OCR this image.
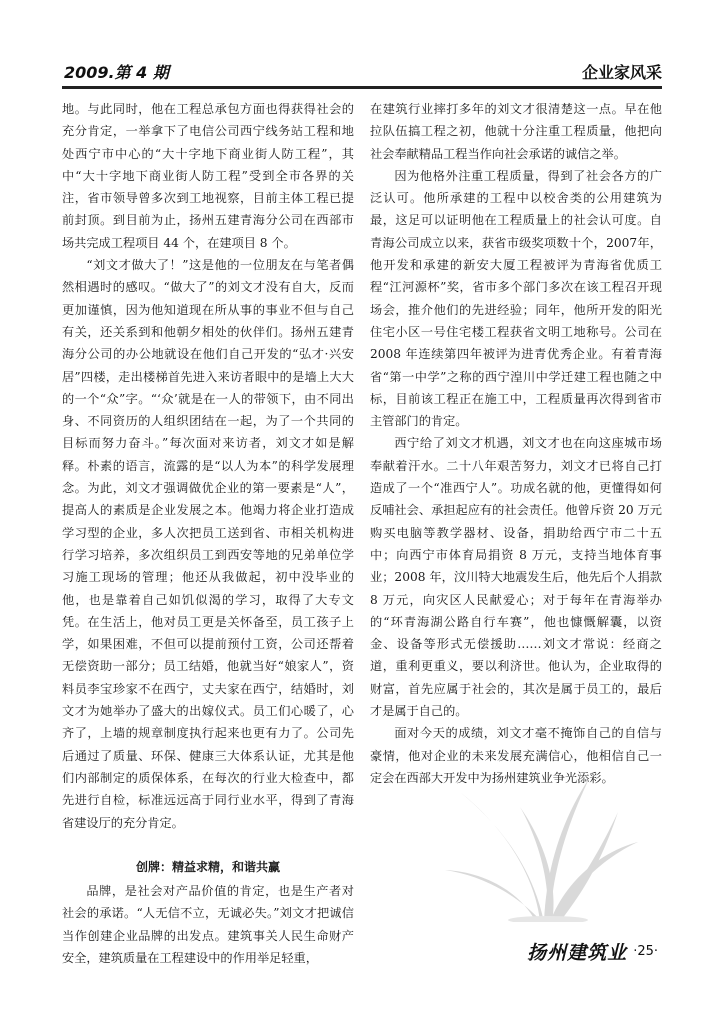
2009.第 4 期	企业家风采

地。与此同时，他在工程总承包方面也得获得社会的充分肯定，一举拿下了电信公司西宁线务站工程和地处西宁市中心的“大十字地下商业街人防工程”，其中“大十字地下商业街人防工程”受到全市各界的关注，省市领导曾多次到工地视察，目前主体工程已提前封顶。到目前为止，扬州五建青海分公司在西部市场共完成工程项目 44 个，在建项目 8 个。

“刘文才做大了！”这是他的一位朋友在与笔者偶然相遇时的感叹。“做大了”的刘文才没有自大，反而更加谨慎，因为他知道现在所从事的事业不但与自己有关，还关系到和他朝夕相处的伙伴们。扬州五建青海分公司的办公地就设在他们自己开发的“弘才·兴安居”四楼，走出楼梯首先进入来访者眼中的是墙上大大的一个“众”字。“‘众’就是在一人的带领下，由不同出身、不同资历的人组织团结在一起，为了一个共同的目标而努力奋斗。”每次面对来访者，刘文才如是解释。朴素的语言，流露的是“以人为本”的科学发展理念。为此，刘文才强调做优企业的第一要素是“人”，提高人的素质是企业发展之本。他竭力将企业打造成学习型的企业，多人次把员工送到省、市相关机构进行学习培养，多次组织员工到西安等地的兄弟单位学习施工现场的管理；他还从我做起，初中没毕业的他，也是靠着自己如饥似渴的学习，取得了大专文凭。在生活上，他对员工更是关怀备至，员工孩子上学，如果困难，不但可以提前预付工资，公司还帮着无偿资助一部分；员工结婚，他就当好“娘家人”，资料员李宝珍家不在西宁，丈夫家在西宁，结婚时，刘文才为她举办了盛大的出嫁仪式。员工们心暖了，心齐了，上墙的规章制度执行起来也更有力了。公司先后通过了质量、环保、健康三大体系认证，尤其是他们内部制定的质保体系，在每次的行业大检查中，都先进行自检，标准远远高于同行业水平，得到了青海省建设厅的充分肯定。

创牌：精益求精，和谐共赢

品牌，是社会对产品价值的肯定，也是生产者对社会的承诺。“人无信不立，无诚必失。”刘文才把诚信当作创建企业品牌的出发点。建筑事关人民生命财产安全，建筑质量在工程建设中的作用举足轻重，

在建筑行业摔打多年的刘文才很清楚这一点。早在他拉队伍搞工程之初，他就十分注重工程质量，他把向社会奉献精品工程当作向社会承诺的诚信之举。

因为他格外注重工程质量，得到了社会各方的广泛认可。他所承建的工程中以校舍类的公用建筑为最，这足可以证明他在工程质量上的社会认可度。自青海公司成立以来，获省市级奖项数十个，2007年，他开发和承建的新安大厦工程被评为青海省优质工程“江河源杯”奖，省市多个部门多次在该工程召开现场会，推介他们的先进经验；同年，他所开发的阳光住宅小区一号住宅楼工程获省文明工地称号。公司在 2008 年连续第四年被评为进青优秀企业。有着青海省“第一中学”之称的西宁湟川中学迁建工程也随之中标，目前该工程正在施工中，工程质量再次得到省市主管部门的肯定。

西宁给了刘文才机遇，刘文才也在向这座城市场奉献着汗水。二十八年艰苦努力，刘文才已将自己打造成了一个“准西宁人”。功成名就的他，更懂得如何反哺社会、承担起应有的社会责任。他曾斥资 20 万元购买电脑等教学器材、设备，捐助给西宁市二十五中；向西宁市体育局捐资 8 万元，支持当地体育事业；2008 年，汶川特大地震发生后，他先后个人捐款 8 万元，向灾区人民献爱心；对于每年在青海举办的“环青海湖公路自行车赛”，他也慷慨解囊，以资金、设备等形式无偿援助……刘文才常说：经商之道，重利更重义，要以利济世。他认为，企业取得的财富，首先应属于社会的，其次是属于员工的，最后才是属于自己的。

面对今天的成绩，刘文才毫不掩饰自己的自信与豪情，他对企业的未来发展充满信心，他相信自己一定会在西部大开发中为扬州建筑业争光添彩。

扬州建筑业 ·25·
